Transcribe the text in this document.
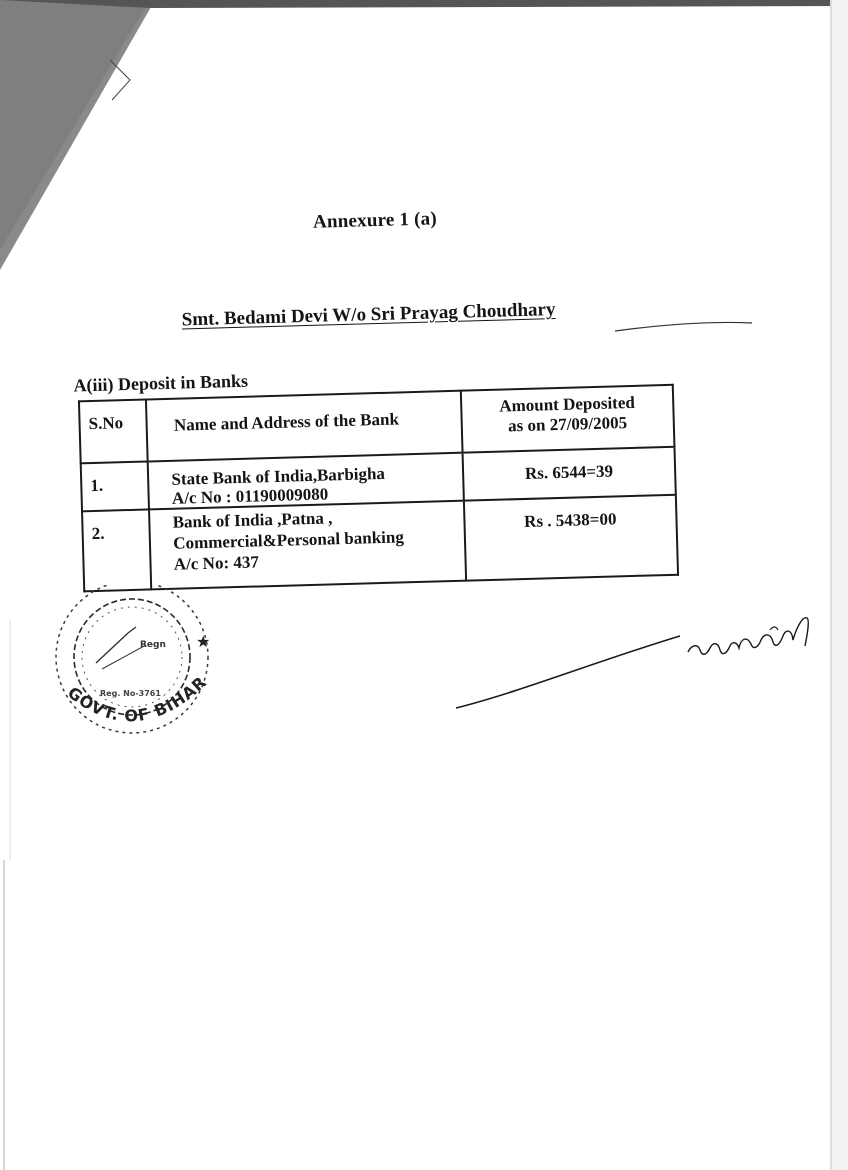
Annexure 1 (a)
Smt. Bedami Devi W/o Sri Prayag Choudhary
A(iii) Deposit in Banks
S.No	Name and Address of the Bank	Amount Deposited
as on 27/09/2005

1.	State Bank of India,Barbigha
A/c No : 01190009080	Rs. 6544=39

2.	Bank of India ,Patna ,
Commercial&Personal banking
A/c No: 437	Rs . 5438=00
Regn
Reg. No-3761
GOVT. OF BIHAR
★
